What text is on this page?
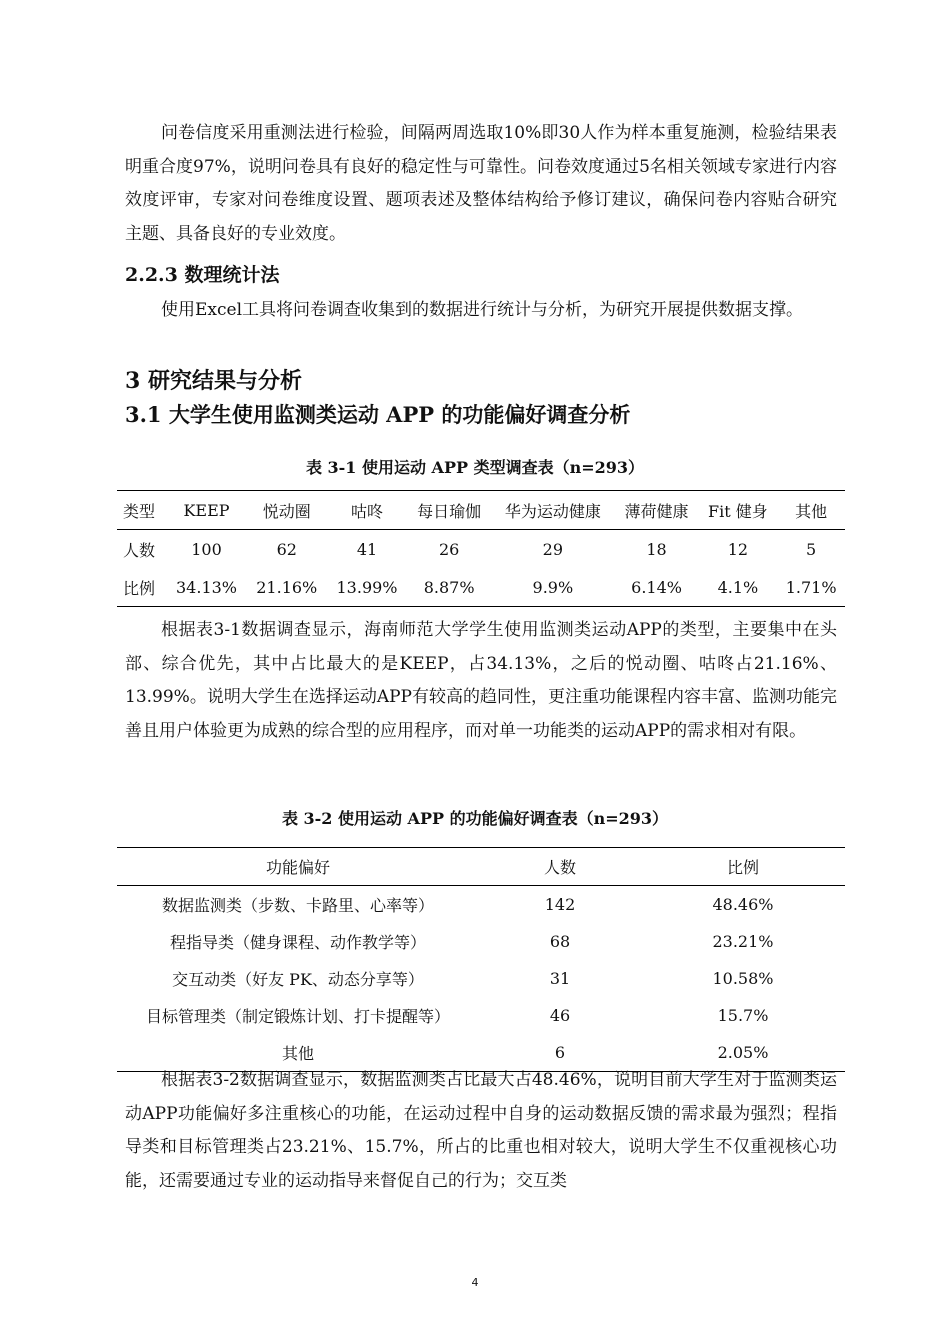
问卷信度采用重测法进行检验，间隔两周选取10%即30人作为样本重复施测，检验结果表明重合度97%，说明问卷具有良好的稳定性与可靠性。问卷效度通过5名相关领域专家进行内容效度评审，专家对问卷维度设置、题项表述及整体结构给予修订建议，确保问卷内容贴合研究主题、具备良好的专业效度。

2.2.3 数理统计法

使用Excel工具将问卷调查收集到的数据进行统计与分析，为研究开展提供数据支撑。

3 研究结果与分析
3.1 大学生使用监测类运动 APP 的功能偏好调查分析

表 3-1 使用运动 APP 类型调查表（n=293）

类型	KEEP	悦动圈	咕咚	每日瑜伽	华为运动健康	薄荷健康	Fit 健身	其他
人数	100	62	41	26	29	18	12	5
比例	34.13%	21.16%	13.99%	8.87%	9.9%	6.14%	4.1%	1.71%

根据表3-1数据调查显示，海南师范大学学生使用监测类运动APP的类型，主要集中在头部、综合优先，其中占比最大的是KEEP，占34.13%，之后的悦动圈、咕咚占21.16%、13.99%。说明大学生在选择运动APP有较高的趋同性，更注重功能课程内容丰富、监测功能完善且用户体验更为成熟的综合型的应用程序，而对单一功能类的运动APP的需求相对有限。

表 3-2 使用运动 APP 的功能偏好调查表（n=293）

功能偏好	人数	比例
数据监测类（步数、卡路里、心率等）	142	48.46%
程指导类（健身课程、动作教学等）	68	23.21%
交互动类（好友 PK、动态分享等）	31	10.58%
目标管理类（制定锻炼计划、打卡提醒等）	46	15.7%
其他	6	2.05%

根据表3-2数据调查显示，数据监测类占比最大占48.46%，说明目前大学生对于监测类运动APP功能偏好多注重核心的功能，在运动过程中自身的运动数据反馈的需求最为强烈；程指导类和目标管理类占23.21%、15.7%，所占的比重也相对较大，说明大学生不仅重视核心功能，还需要通过专业的运动指导来督促自己的行为；交互类

4
